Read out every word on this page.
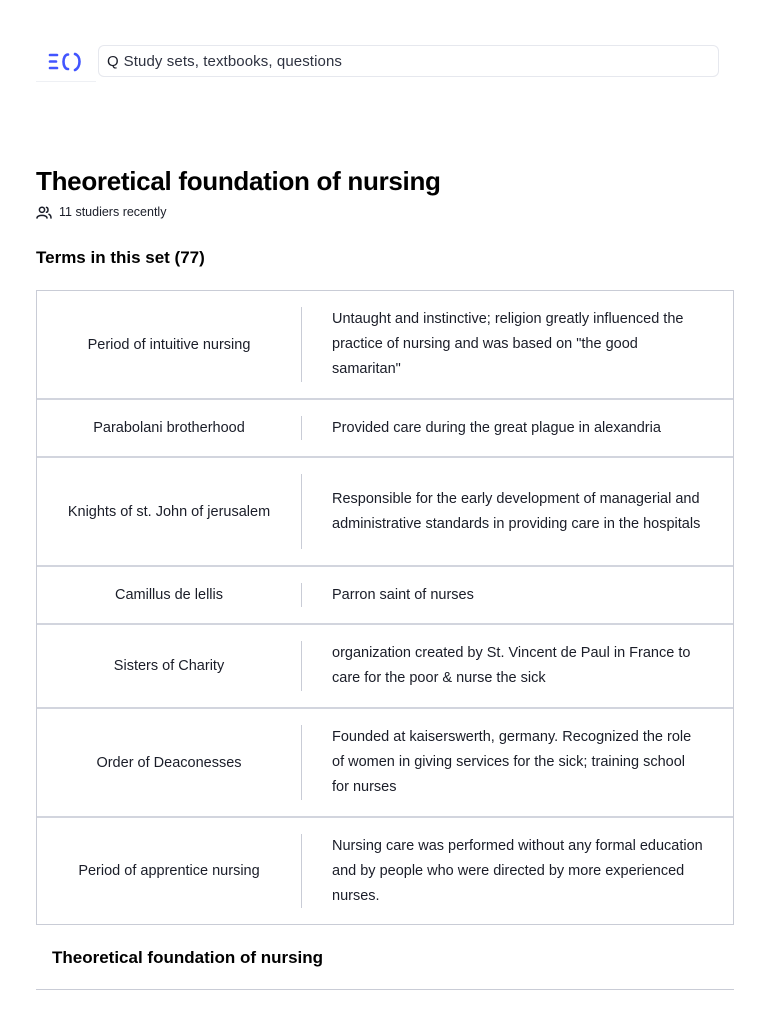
Q Study sets, textbooks, questions
Theoretical foundation of nursing
11 studiers recently
Terms in this set (77)
Period of intuitive nursing
Untaught and instinctive; religion greatly influenced the practice of nursing and was based on "the good samaritan"
Parabolani brotherhood	Provided care during the great plague in alexandria
Knights of st. John of jerusalem
Responsible for the early development of managerial and administrative standards in providing care in the hospitals
Camillus de lellis	Parron saint of nurses
Sisters of Charity
organization created by St. Vincent de Paul in France to care for the poor & nurse the sick
Order of Deaconesses
Founded at kaiserswerth, germany. Recognized the role of women in giving services for the sick; training school for nurses
Period of apprentice nursing
Nursing care was performed without any formal education and by people who were directed by more experienced nurses.
Theoretical foundation of nursing
